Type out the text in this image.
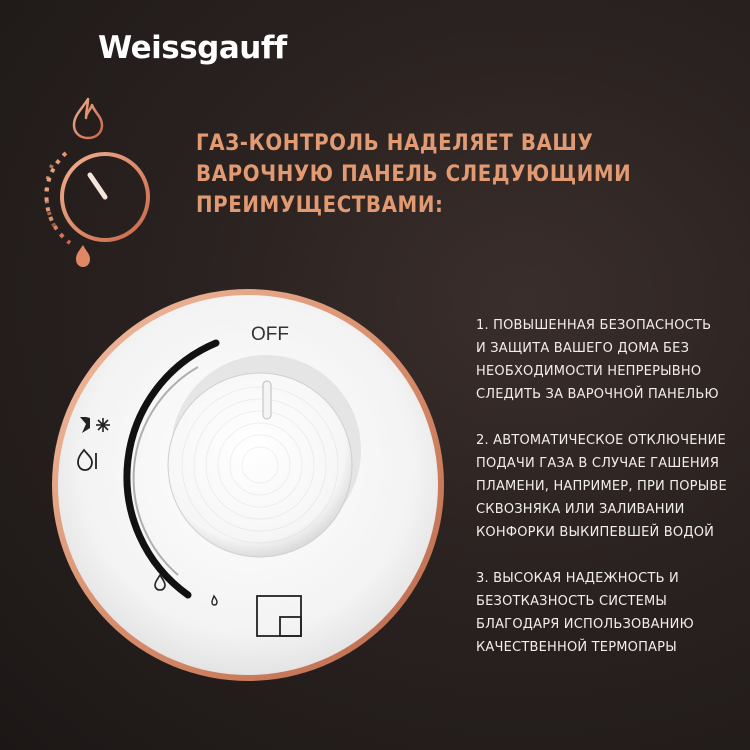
Weissgauff
ГАЗ-КОНТРОЛЬ НАДЕЛЯЕТ ВАШУ
ВАРОЧНУЮ ПАНЕЛЬ СЛЕДУЮЩИМИ
ПРЕИМУЩЕСТВАМИ:
OFF	1. ПОВЫШЕННАЯ БЕЗОПАСНОСТЬ
И ЗАЩИТА ВАШЕГО ДОМА БЕЗ
НЕОБХОДИМОСТИ НЕПРЕРЫВНО
СЛЕДИТЬ ЗА ВАРОЧНОЙ ПАНЕЛЬЮ
2. АВТОМАТИЧЕСКОЕ ОТКЛЮЧЕНИЕ
ПОДАЧИ ГАЗА В СЛУЧАЕ ГАШЕНИЯ
ПЛАМЕНИ, НАПРИМЕР, ПРИ ПОРЫВЕ
СКВОЗНЯКА ИЛИ ЗАЛИВАНИИ
КОНФОРКИ ВЫКИПЕВШЕЙ ВОДОЙ
3. ВЫСОКАЯ НАДЕЖНОСТЬ И
БЕЗОТКАЗНОСТЬ СИСТЕМЫ
БЛАГОДАРЯ ИСПОЛЬЗОВАНИЮ
КАЧЕСТВЕННОЙ ТЕРМОПАРЫ
